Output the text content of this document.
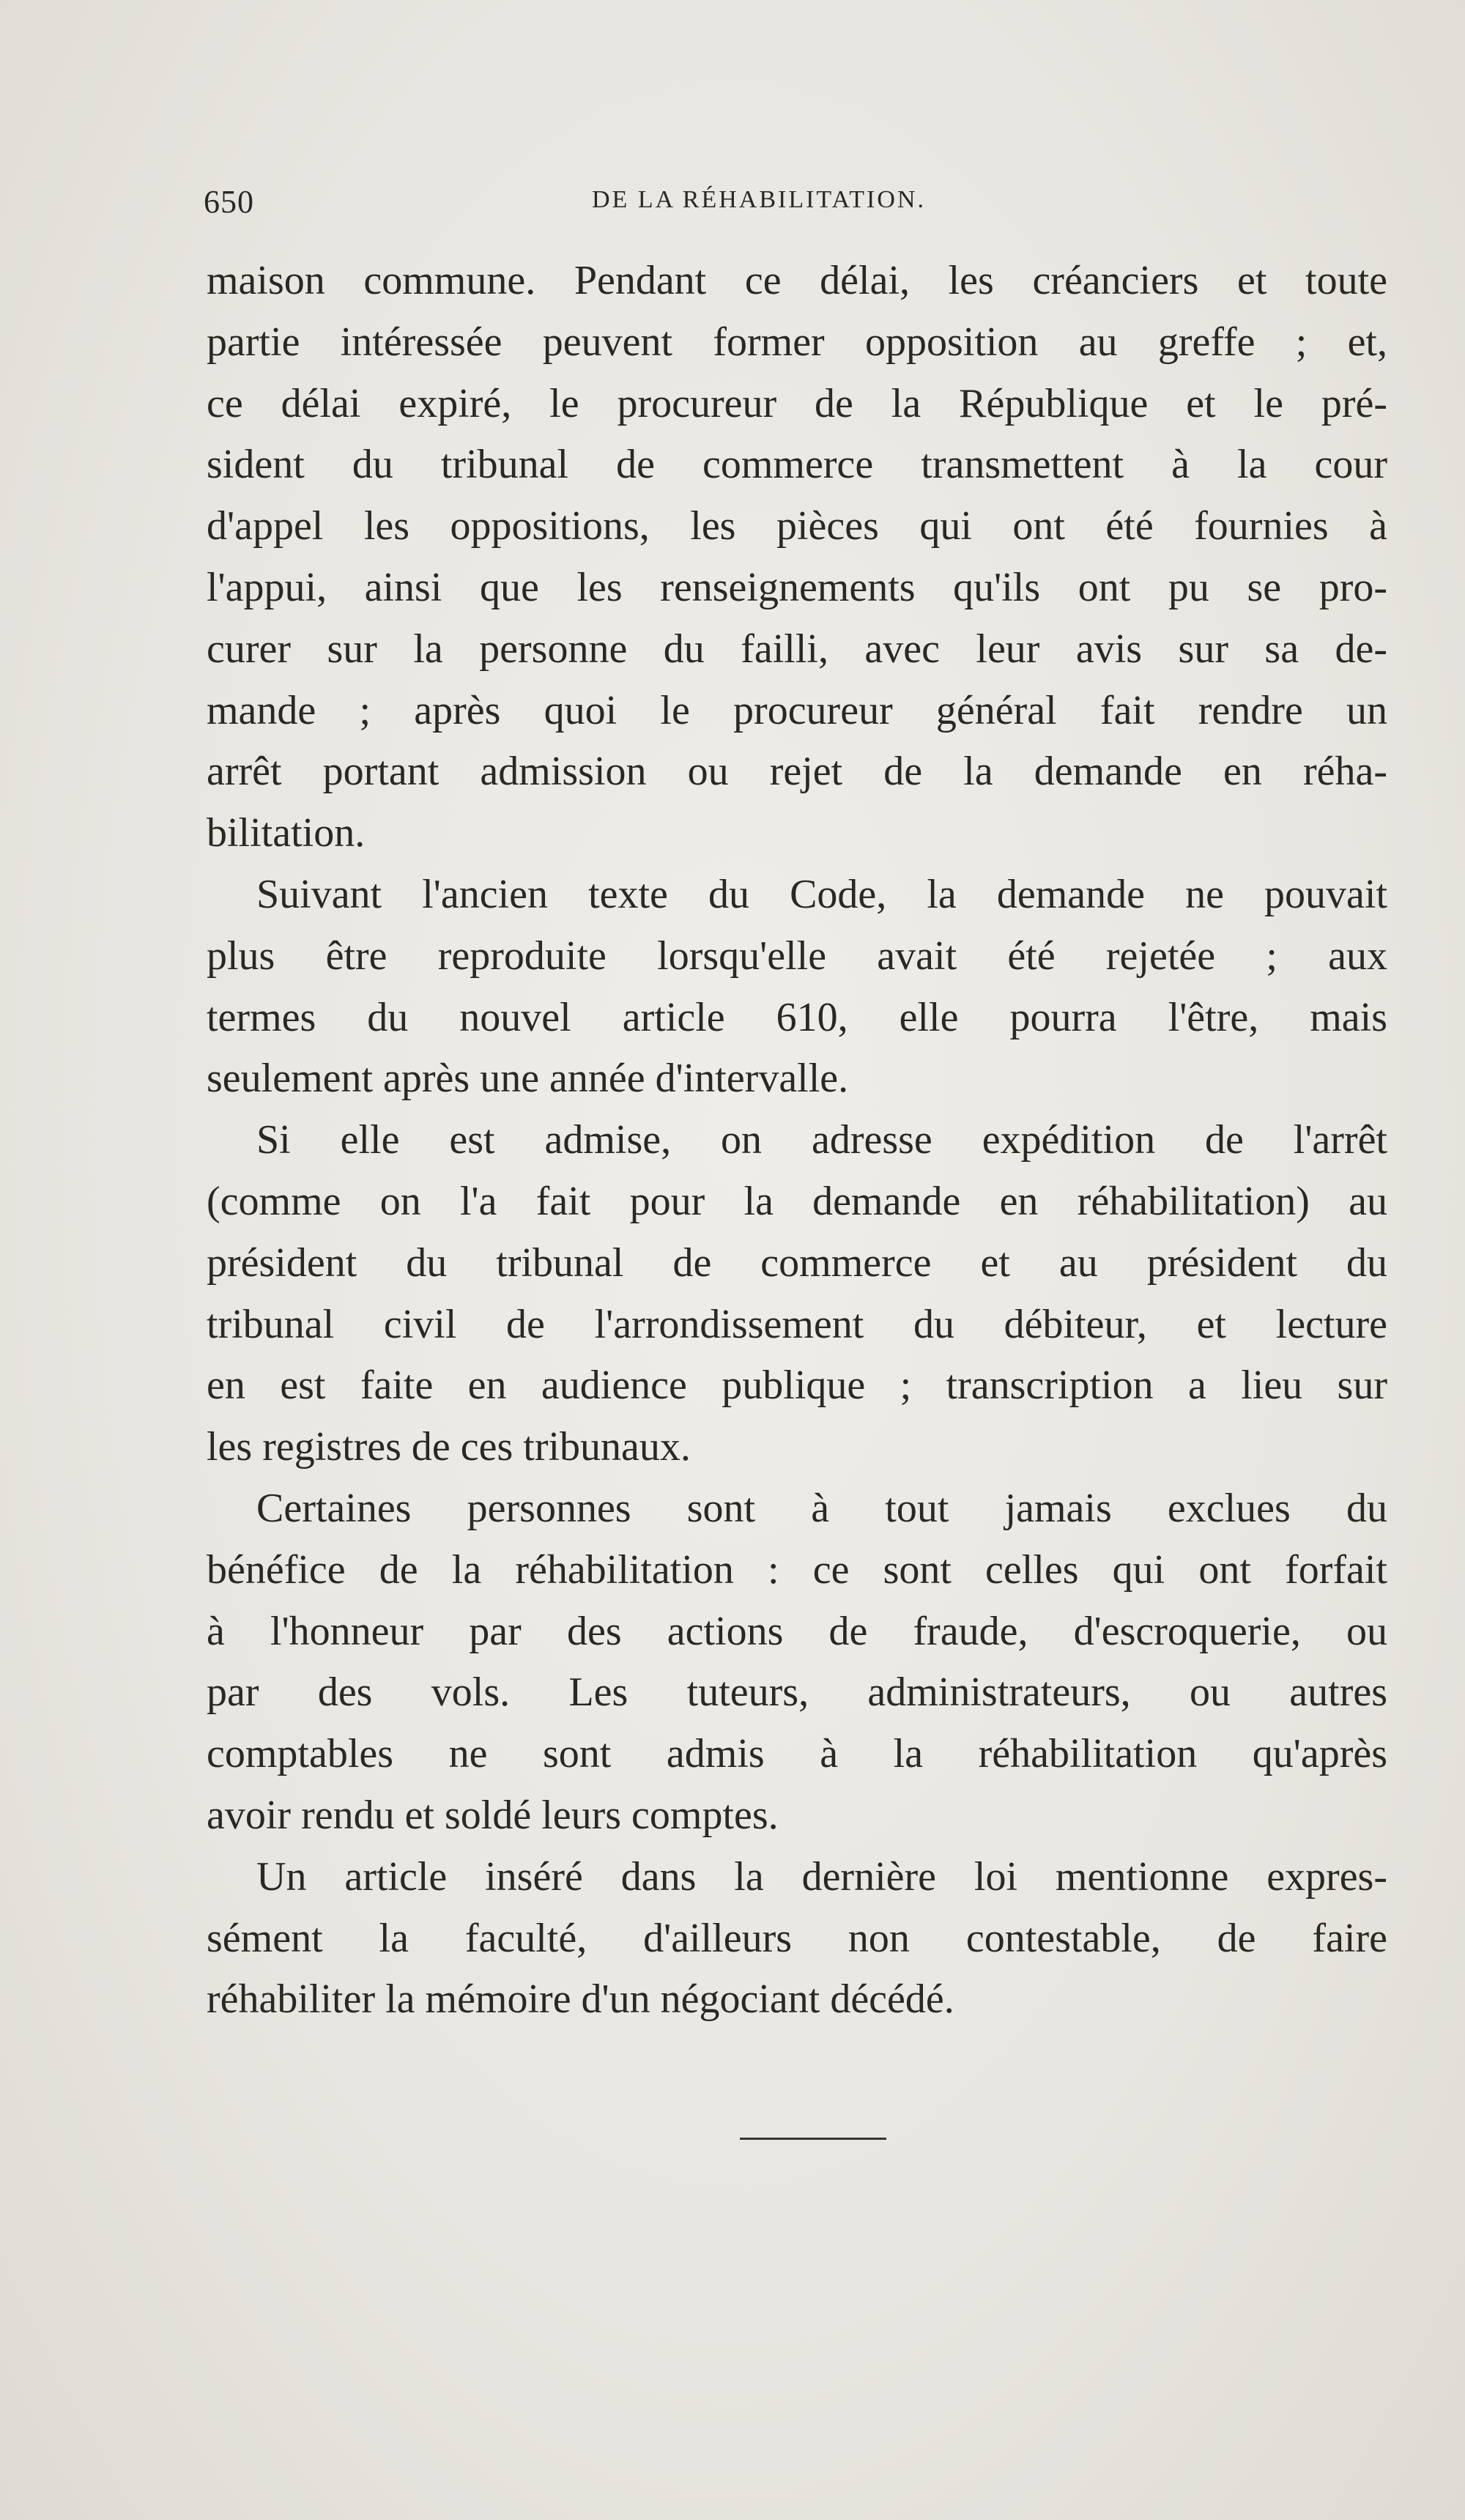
650	DE LA RÉHABILITATION.
maison commune. Pendant ce délai, les créanciers et toute
partie intéressée peuvent former opposition au greffe ; et,
ce délai expiré, le procureur de la République et le pré-
sident du tribunal de commerce transmettent à la cour
d'appel les oppositions, les pièces qui ont été fournies à
l'appui, ainsi que les renseignements qu'ils ont pu se pro-
curer sur la personne du failli, avec leur avis sur sa de-
mande ; après quoi le procureur général fait rendre un
arrêt portant admission ou rejet de la demande en réha-
bilitation.
Suivant l'ancien texte du Code, la demande ne pouvait
plus être reproduite lorsqu'elle avait été rejetée ; aux
termes du nouvel article 610, elle pourra l'être, mais
seulement après une année d'intervalle.
Si elle est admise, on adresse expédition de l'arrêt
(comme on l'a fait pour la demande en réhabilitation) au
président du tribunal de commerce et au président du
tribunal civil de l'arrondissement du débiteur, et lecture
en est faite en audience publique ; transcription a lieu sur
les registres de ces tribunaux.
Certaines personnes sont à tout jamais exclues du
bénéfice de la réhabilitation : ce sont celles qui ont forfait
à l'honneur par des actions de fraude, d'escroquerie, ou
par des vols. Les tuteurs, administrateurs, ou autres
comptables ne sont admis à la réhabilitation qu'après
avoir rendu et soldé leurs comptes.
Un article inséré dans la dernière loi mentionne expres-
sément la faculté, d'ailleurs non contestable, de faire
réhabiliter la mémoire d'un négociant décédé.
